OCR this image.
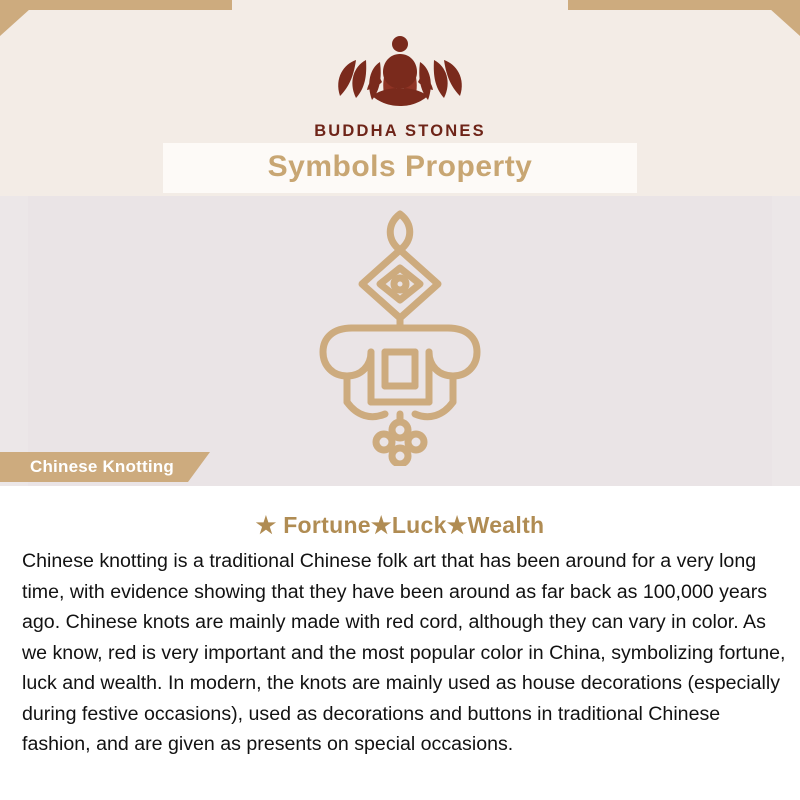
BUDDHA STONES
Symbols Property
Chinese Knotting
★ Fortune★Luck★Wealth
Chinese knotting is a traditional Chinese folk art that has been around for a very long time, with evidence showing that they have been around as far back as 100,000 years ago. Chinese knots are mainly made with red cord, although they can vary in color. As we know, red is very important and the most popular color in China, symbolizing fortune, luck and wealth. In modern, the knots are mainly used as house decorations (especially during festive occasions), used as decorations and buttons in traditional Chinese fashion, and are given as presents on special occasions.
